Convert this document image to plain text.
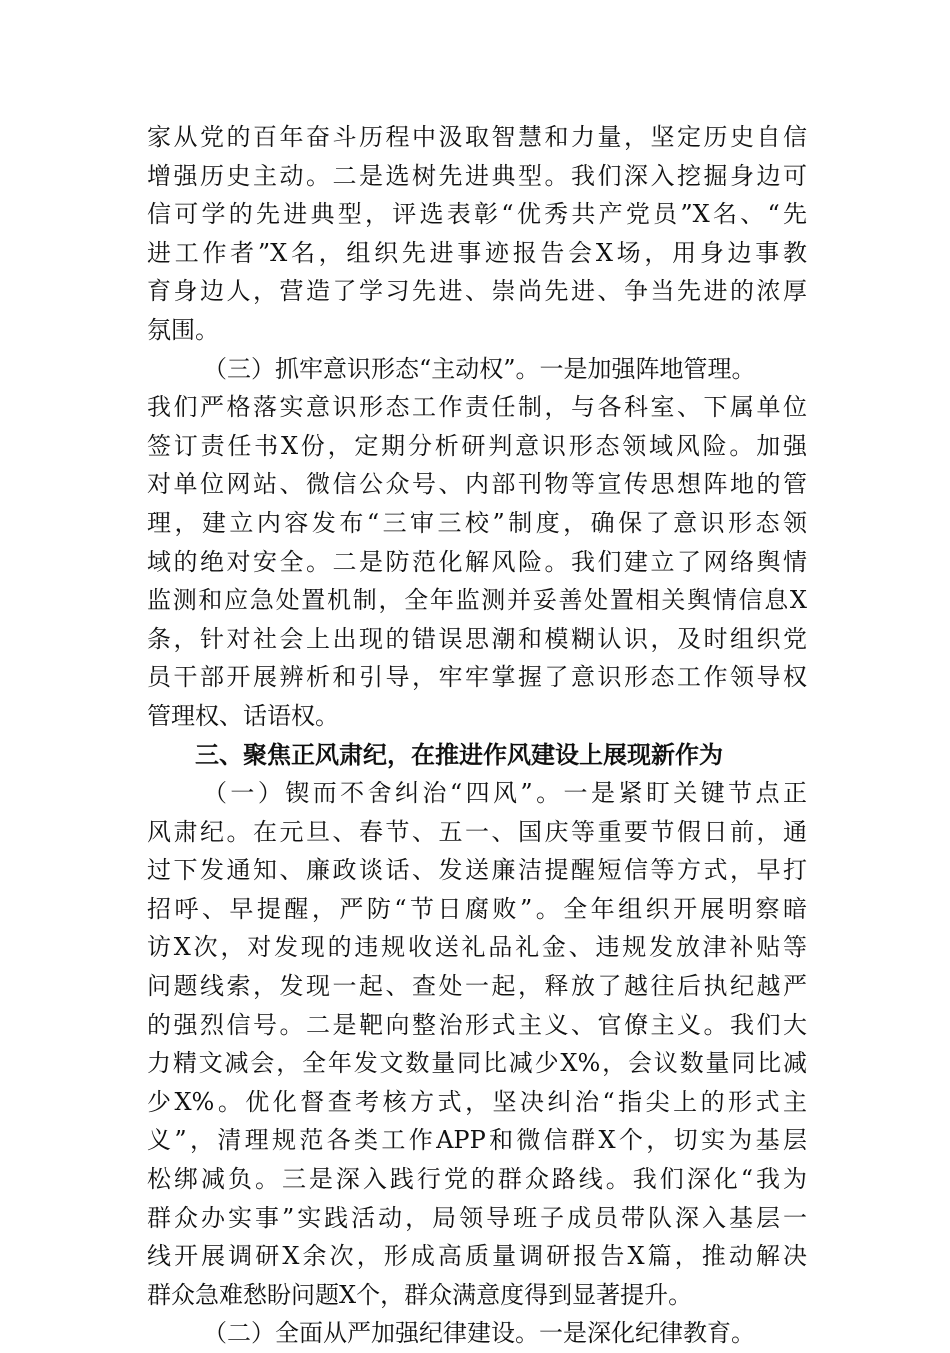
家从党的百年奋斗历程中汲取智慧和力量，坚定历史自信
增强历史主动。二是选树先进典型。我们深入挖掘身边可
信可学的先进典型，评选表彰“优秀共产党员”X名、“先
进工作者”X名，组织先进事迹报告会X场，用身边事教
育身边人，营造了学习先进、崇尚先进、争当先进的浓厚
氛围。
（三）抓牢意识形态“主动权”。一是加强阵地管理。
我们严格落实意识形态工作责任制，与各科室、下属单位
签订责任书X份，定期分析研判意识形态领域风险。加强
对单位网站、微信公众号、内部刊物等宣传思想阵地的管
理，建立内容发布“三审三校”制度，确保了意识形态领
域的绝对安全。二是防范化解风险。我们建立了网络舆情
监测和应急处置机制，全年监测并妥善处置相关舆情信息X
条，针对社会上出现的错误思潮和模糊认识，及时组织党
员干部开展辨析和引导，牢牢掌握了意识形态工作领导权
管理权、话语权。
三、聚焦正风肃纪，在推进作风建设上展现新作为
（一）锲而不舍纠治“四风”。一是紧盯关键节点正
风肃纪。在元旦、春节、五一、国庆等重要节假日前，通
过下发通知、廉政谈话、发送廉洁提醒短信等方式，早打
招呼、早提醒，严防“节日腐败”。全年组织开展明察暗
访X次，对发现的违规收送礼品礼金、违规发放津补贴等
问题线索，发现一起、查处一起，释放了越往后执纪越严
的强烈信号。二是靶向整治形式主义、官僚主义。我们大
力精文减会，全年发文数量同比减少X%，会议数量同比减
少X%。优化督查考核方式，坚决纠治“指尖上的形式主
义”，清理规范各类工作APP和微信群X个，切实为基层
松绑减负。三是深入践行党的群众路线。我们深化“我为
群众办实事”实践活动，局领导班子成员带队深入基层一
线开展调研X余次，形成高质量调研报告X篇，推动解决
群众急难愁盼问题X个，群众满意度得到显著提升。
（二）全面从严加强纪律建设。一是深化纪律教育。
